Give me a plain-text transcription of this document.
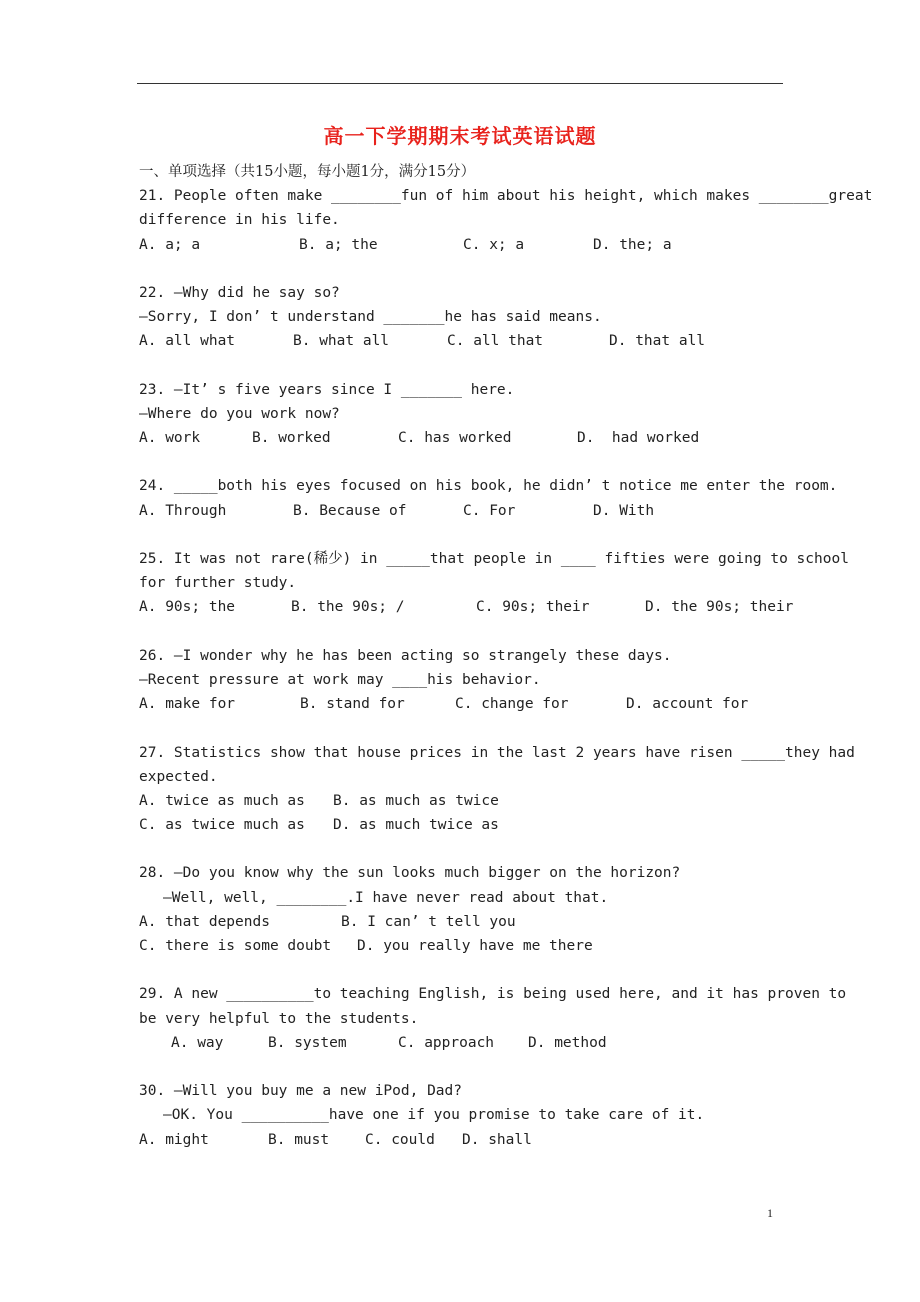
高一下学期期末考试英语试题
一、单项选择（共15小题，每小题1分，满分15分）
21. People often make ________fun of him about his height, which makes ________great
difference in his life.
A. a; a	B. a; the	C. x; a	D. the; a
22. —Why did he say so?
—Sorry, I don’ t understand _______he has said means.
A. all what	B. what all	C. all that	D. that all
23. —It’ s five years since I _______ here.
—Where do you work now?
A. work	B. worked	C. has worked	D.  had worked
24. _____both his eyes focused on his book, he didn’ t notice me enter the room.
A. Through	B. Because of	C. For	D. With
25. It was not rare(稀少) in _____that people in ____ fifties were going to school
for further study.
A. 90s; the	B. the 90s; /	C. 90s; their	D. the 90s; their
26. —I wonder why he has been acting so strangely these days.
—Recent pressure at work may ____his behavior.
A. make for	B. stand for	C. change for	D. account for
27. Statistics show that house prices in the last 2 years have risen _____they had
expected.
A. twice as much as B. as much as twice
C. as twice much as D. as much twice as
28. —Do you know why the sun looks much bigger on the horizon?
—Well, well, ________.I have never read about that.
A. that depends	B. I can’ t tell you
C. there is some doubt D. you really have me there
29. A new __________to teaching English, is being used here, and it has proven to
be very helpful to the students.
A. way	B. system	C. approach D. method
30. —Will you buy me a new iPod, Dad?
—OK. You __________have one if you promise to take care of it.
A. might	B. must C. could D. shall
1
